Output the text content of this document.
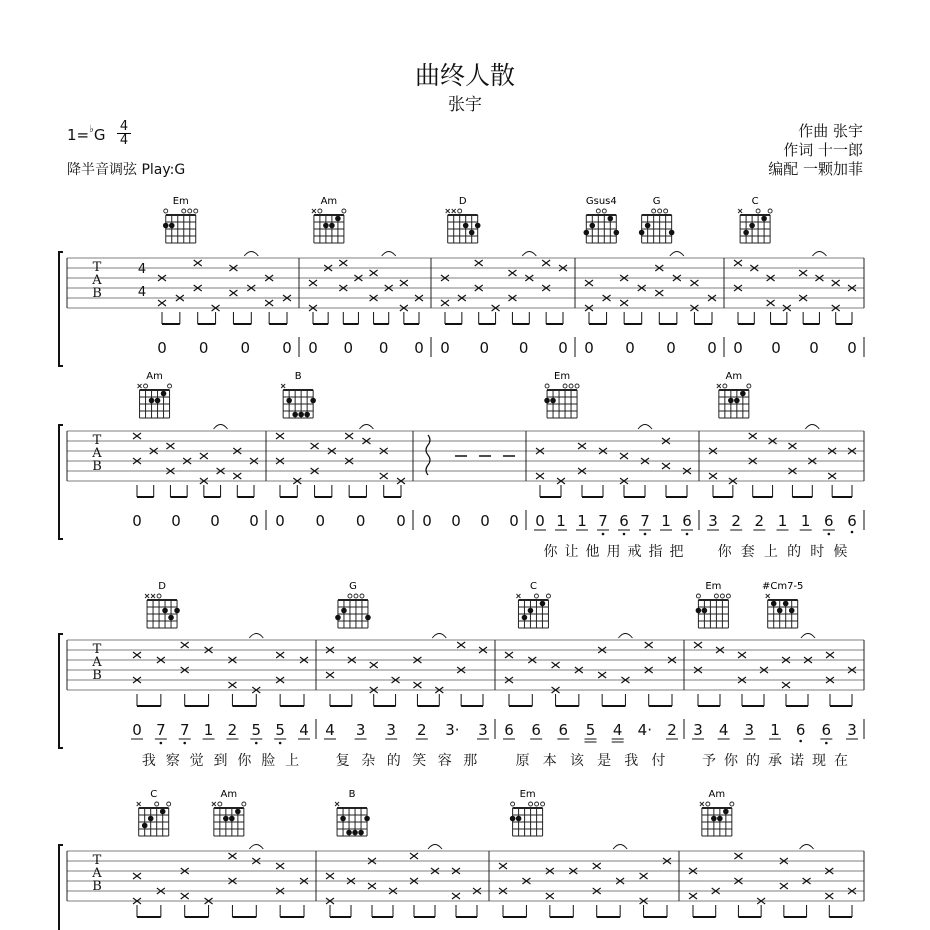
曲终人散
张宇
1=♭G 4
4
降半音调弦 Play:G
作曲 张宇
作词 十一郎
编配 一颗加菲
T
A
B
4
4
Em
0 0 0 0
Am
0 0 0 0
D
0 0 0 0
Gsus4	G
0 0 0 0
C
0 0 0 0
T
A
B
Am
0 0 0 0
B
0 0 0 0 0 0 0 0
Em
0 1 1 7 6 7 1 6
你 让 他 用 戒 指 把
Am
3 2 2 1 1 6 6
你 套 上 的 时 候
T
A
B
D
0 7 7 1 2 5 5 4
我 察 觉 到 你 脸 上
G
4 3 3 2 3· 3
复 杂 的 笑 容 那
C
6 6 6 5 4 4· 2
原 本 该 是 我 付
Em	#Cm7-5
3 4 3 1 6 6 3
予 你 的 承 诺 现 在
T
A
B
C	Am	B	Em	Am
